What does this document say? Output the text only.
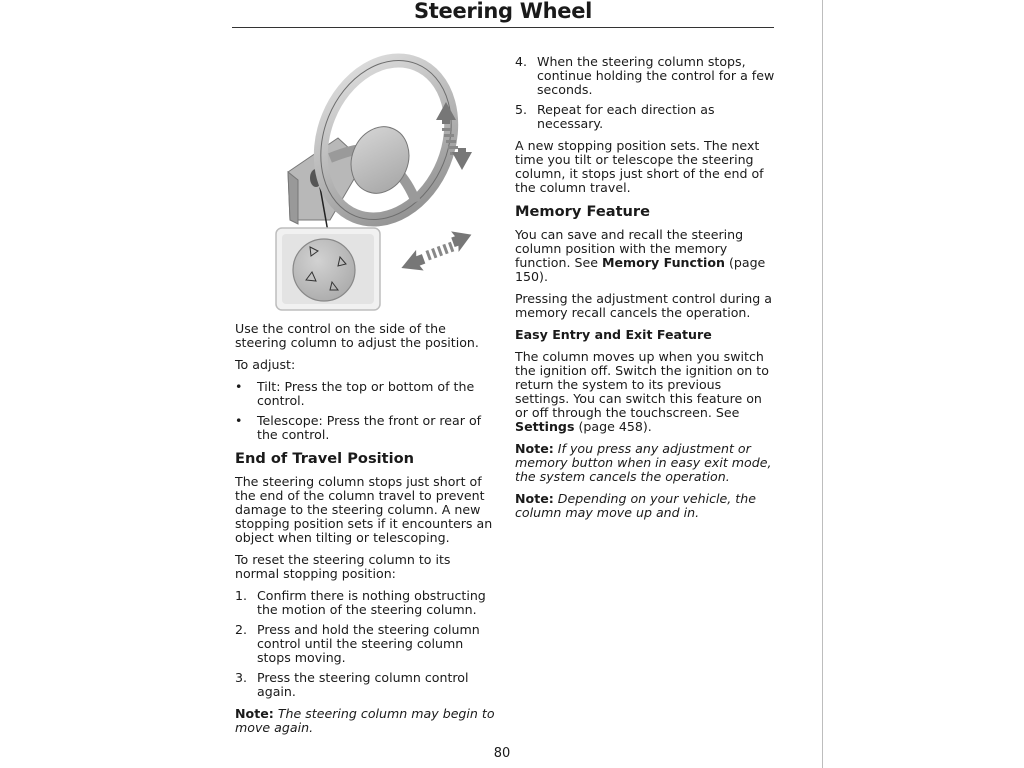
Steering Wheel

Use the control on the side of the steering column to adjust the position.

To adjust:

• Tilt: Press the top or bottom of the control.
• Telescope: Press the front or rear of the control.

End of Travel Position

The steering column stops just short of the end of the column travel to prevent damage to the steering column. A new stopping position sets if it encounters an object when tilting or telescoping.

To reset the steering column to its normal stopping position:

1. Confirm there is nothing obstructing the motion of the steering column.
2. Press and hold the steering column control until the steering column stops moving.
3. Press the steering column control again.

Note: The steering column may begin to move again.

4. When the steering column stops, continue holding the control for a few seconds.
5. Repeat for each direction as necessary.

A new stopping position sets. The next time you tilt or telescope the steering column, it stops just short of the end of the column travel.

Memory Feature

You can save and recall the steering column position with the memory function. See Memory Function (page 150).

Pressing the adjustment control during a memory recall cancels the operation.

Easy Entry and Exit Feature

The column moves up when you switch the ignition off. Switch the ignition on to return the system to its previous settings. You can switch this feature on or off through the touchscreen. See Settings (page 458).

Note: If you press any adjustment or memory button when in easy exit mode, the system cancels the operation.

Note: Depending on your vehicle, the column may move up and in.

80
